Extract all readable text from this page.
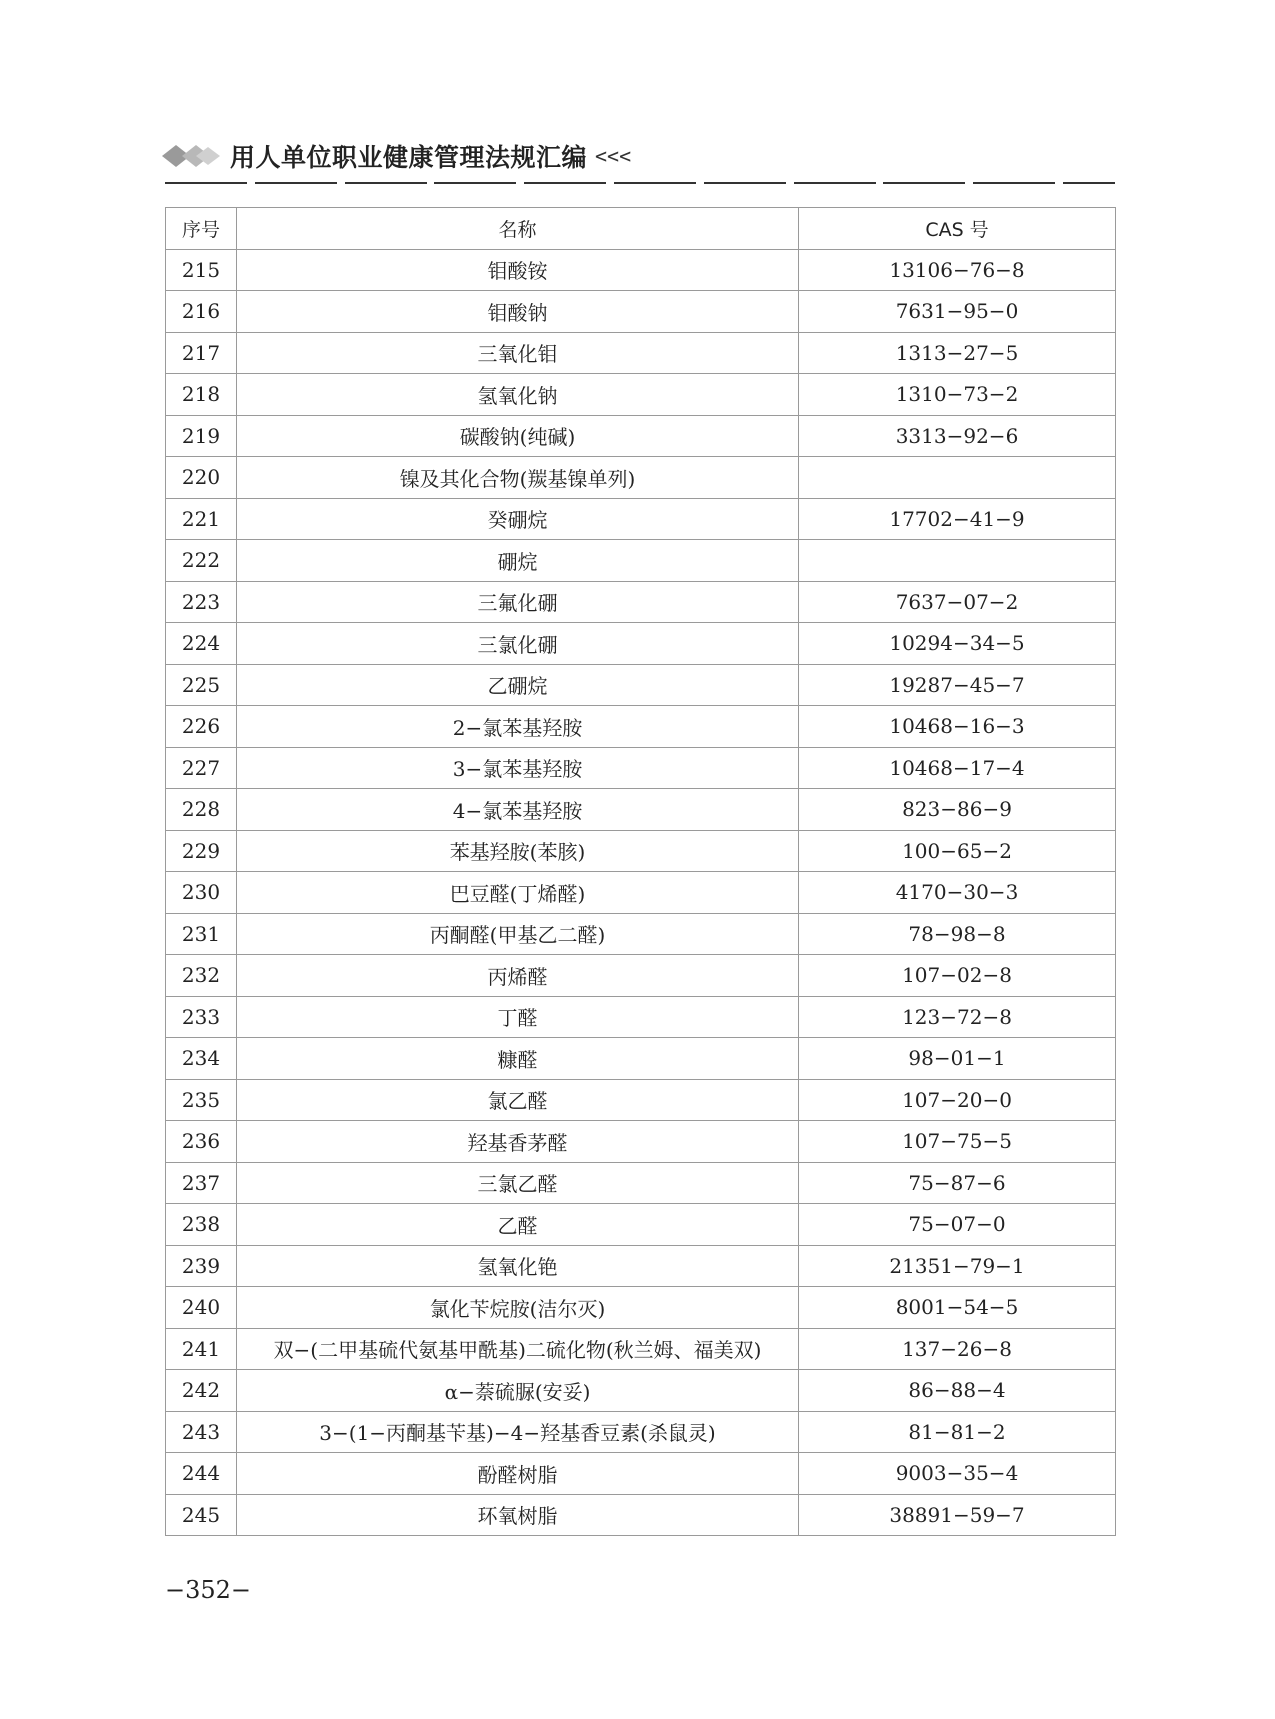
用人单位职业健康管理法规汇编 <<<
序号	名称	CAS 号
215	钼酸铵	13106−76−8
216	钼酸钠	7631−95−0
217	三氧化钼	1313−27−5
218	氢氧化钠	1310−73−2
219	碳酸钠(纯碱)	3313−92−6
220	镍及其化合物(羰基镍单列)	
221	癸硼烷	17702−41−9
222	硼烷	
223	三氟化硼	7637−07−2
224	三氯化硼	10294−34−5
225	乙硼烷	19287−45−7
226	2−氯苯基羟胺	10468−16−3
227	3−氯苯基羟胺	10468−17−4
228	4−氯苯基羟胺	823−86−9
229	苯基羟胺(苯胲)	100−65−2
230	巴豆醛(丁烯醛)	4170−30−3
231	丙酮醛(甲基乙二醛)	78−98−8
232	丙烯醛	107−02−8
233	丁醛	123−72−8
234	糠醛	98−01−1
235	氯乙醛	107−20−0
236	羟基香茅醛	107−75−5
237	三氯乙醛	75−87−6
238	乙醛	75−07−0
239	氢氧化铯	21351−79−1
240	氯化苄烷胺(洁尔灭)	8001−54−5
241	双−(二甲基硫代氨基甲酰基)二硫化物(秋兰姆、福美双)	137−26−8
242	α−萘硫脲(安妥)	86−88−4
243	3−(1−丙酮基苄基)−4−羟基香豆素(杀鼠灵)	81−81−2
244	酚醛树脂	9003−35−4
245	环氧树脂	38891−59−7
−352−
